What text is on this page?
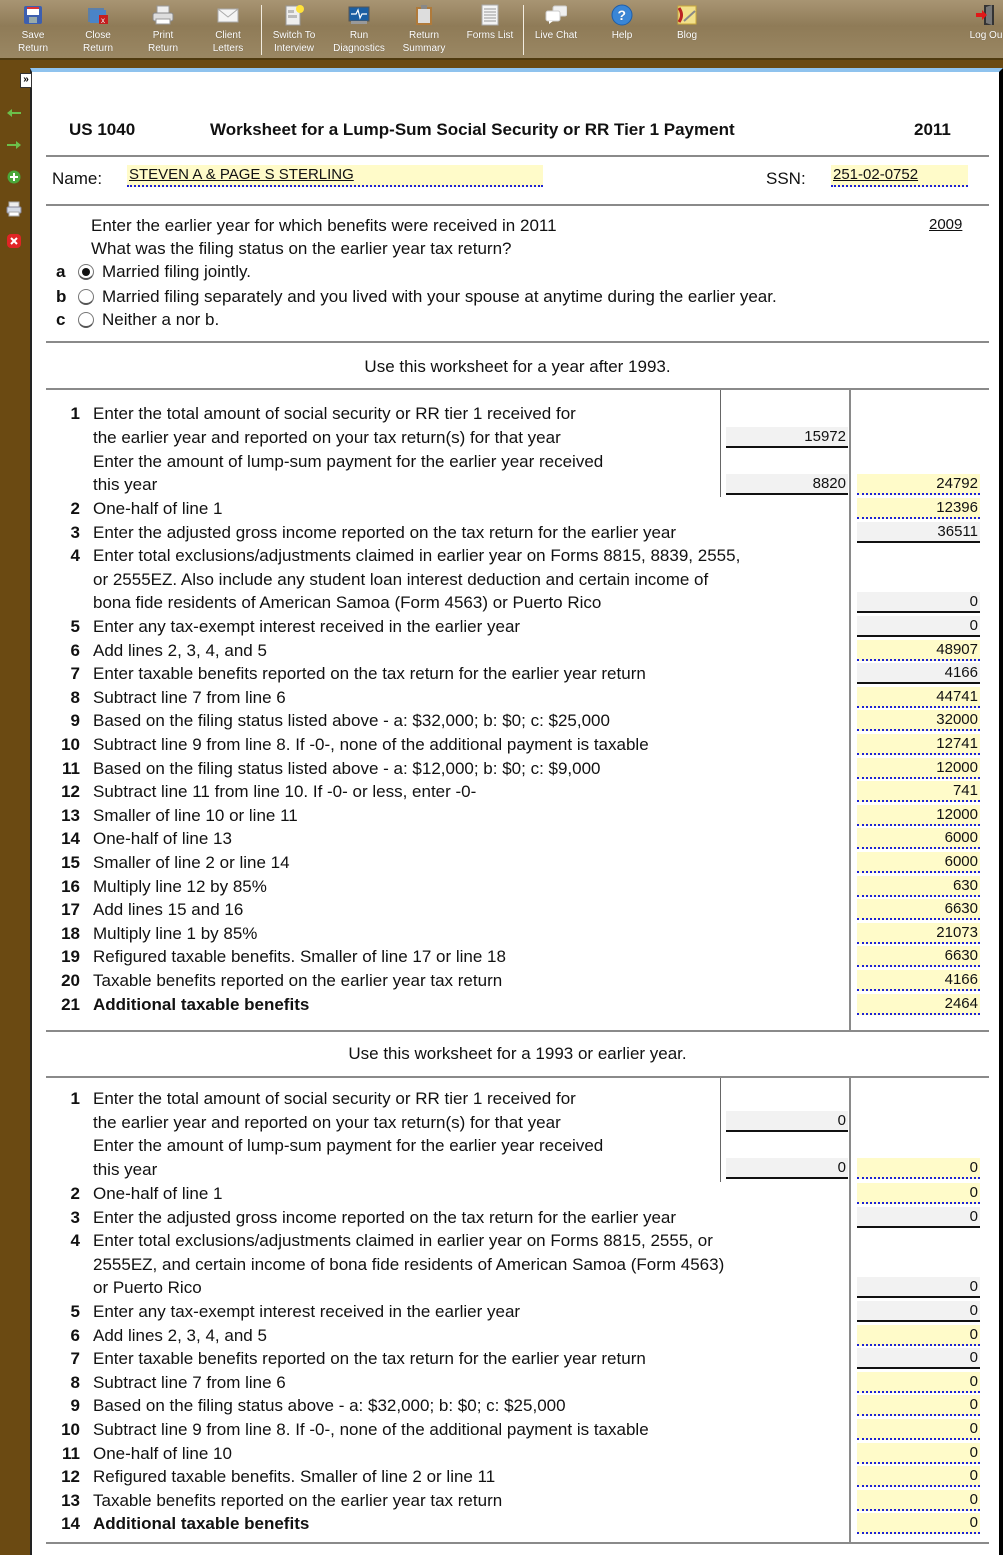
Save
Return
x
Close
Return
Print
Return
Client
Letters
Switch To
Interview
Run
Diagnostics
Return
Summary
Forms List Live Chat
?
Help	Blog	Log Ou
»
US 1040	Worksheet for a Lump-Sum Social Security or RR Tier 1 Payment	2011
Name: STEVEN A & PAGE S STERLING	SSN: 251-02-0752
Enter the earlier year for which benefits were received in 2011	2009
What was the filing status on the earlier year tax return?
a	Married filing jointly.
b	Married filing separately and you lived with your spouse at anytime during the earlier year.
c	Neither a nor b.
Use this worksheet for a year after 1993.
1 Enter the total amount of social security or RR tier 1 received for
the earlier year and reported on your tax return(s) for that year	15972
Enter the amount of lump-sum payment for the earlier year received
this year	8820	24792
2 One-half of line 1	12396
3 Enter the adjusted gross income reported on the tax return for the earlier year	36511
4 Enter total exclusions/adjustments claimed in earlier year on Forms 8815, 8839, 2555,
or 2555EZ. Also include any student loan interest deduction and certain income of
bona fide residents of American Samoa (Form 4563) or Puerto Rico	0
5 Enter any tax-exempt interest received in the earlier year	0
6 Add lines 2, 3, 4, and 5	48907
7 Enter taxable benefits reported on the tax return for the earlier year return	4166
8 Subtract line 7 from line 6	44741
9 Based on the filing status listed above - a: $32,000; b: $0; c: $25,000	32000
10 Subtract line 9 from line 8. If -0-, none of the additional payment is taxable	12741
11 Based on the filing status listed above - a: $12,000; b: $0; c: $9,000	12000
12 Subtract line 11 from line 10. If -0- or less, enter -0-	741
13 Smaller of line 10 or line 11	12000
14 One-half of line 13	6000
15 Smaller of line 2 or line 14	6000
16 Multiply line 12 by 85%	630
17 Add lines 15 and 16	6630
18 Multiply line 1 by 85%	21073
19 Refigured taxable benefits. Smaller of line 17 or line 18	6630
20 Taxable benefits reported on the earlier year tax return	4166
21 Additional taxable benefits	2464
Use this worksheet for a 1993 or earlier year.
1 Enter the total amount of social security or RR tier 1 received for
the earlier year and reported on your tax return(s) for that year	0
Enter the amount of lump-sum payment for the earlier year received
this year	0	0
2 One-half of line 1	0
3 Enter the adjusted gross income reported on the tax return for the earlier year	0
4 Enter total exclusions/adjustments claimed in earlier year on Forms 8815, 2555, or
2555EZ, and certain income of bona fide residents of American Samoa (Form 4563)
or Puerto Rico	0
5 Enter any tax-exempt interest received in the earlier year	0
6 Add lines 2, 3, 4, and 5	0
7 Enter taxable benefits reported on the tax return for the earlier year return	0
8 Subtract line 7 from line 6	0
9 Based on the filing status above - a: $32,000; b: $0; c: $25,000	0
10 Subtract line 9 from line 8. If -0-, none of the additional payment is taxable	0
11 One-half of line 10	0
12 Refigured taxable benefits. Smaller of line 2 or line 11	0
13 Taxable benefits reported on the earlier year tax return	0
14 Additional taxable benefits	0
